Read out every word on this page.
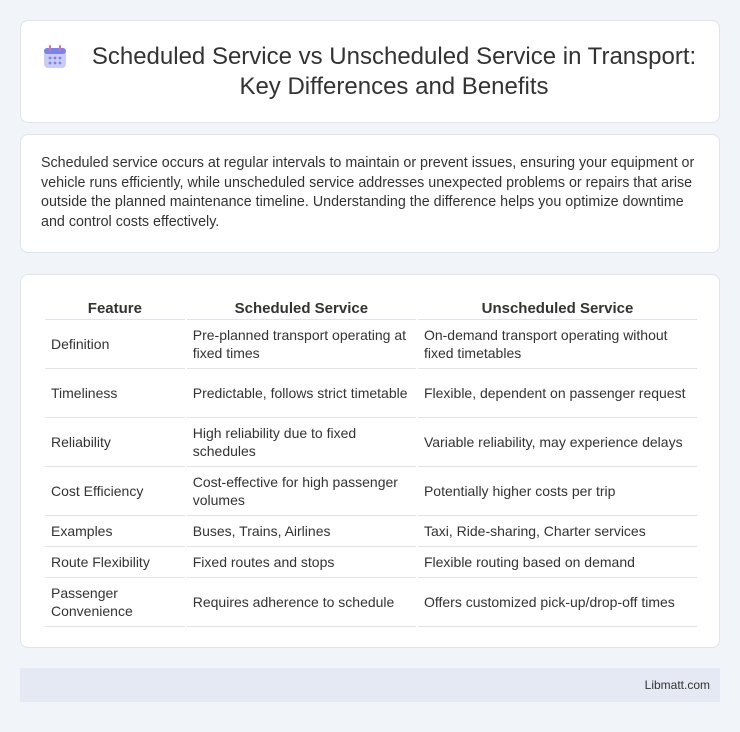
Scheduled Service vs Unscheduled Service in Transport: Key Differences and Benefits

Scheduled service occurs at regular intervals to maintain or prevent issues, ensuring your equipment or vehicle runs efficiently, while unscheduled service addresses unexpected problems or repairs that arise outside the planned maintenance timeline. Understanding the difference helps you optimize downtime and control costs effectively.

Feature	Scheduled Service	Unscheduled Service
Definition	Pre-planned transport operating at fixed times	On-demand transport operating without fixed timetables
Timeliness	Predictable, follows strict timetable	Flexible, dependent on passenger request
Reliability	High reliability due to fixed schedules	Variable reliability, may experience delays
Cost Efficiency	Cost-effective for high passenger volumes	Potentially higher costs per trip
Examples	Buses, Trains, Airlines	Taxi, Ride-sharing, Charter services
Route Flexibility	Fixed routes and stops	Flexible routing based on demand
Passenger Convenience	Requires adherence to schedule	Offers customized pick-up/drop-off times
Libmatt.com
